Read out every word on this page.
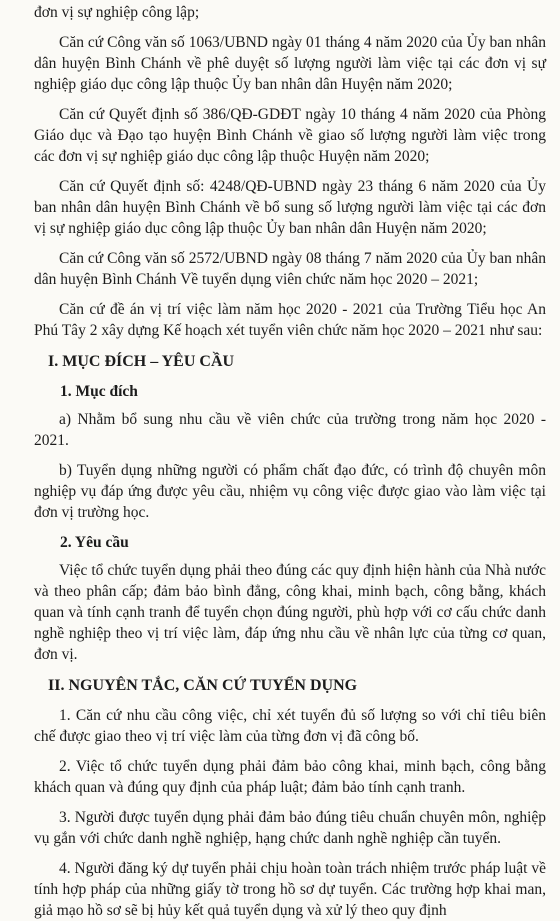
đơn vị sự nghiệp công lập;

Căn cứ Công văn số 1063/UBND ngày 01 tháng 4 năm 2020 của Ủy ban nhân dân huyện Bình Chánh về phê duyệt số lượng người làm việc tại các đơn vị sự nghiệp giáo dục công lập thuộc Ủy ban nhân dân Huyện năm 2020;

Căn cứ Quyết định số 386/QĐ-GDĐT ngày 10 tháng 4 năm 2020 của Phòng Giáo dục và Đạo tạo huyện Bình Chánh về giao số lượng người làm việc trong các đơn vị sự nghiệp giáo dục công lập thuộc Huyện năm 2020;

Căn cứ Quyết định số: 4248/QĐ-UBND ngày 23 tháng 6 năm 2020 của Ủy ban nhân dân huyện Bình Chánh về bổ sung số lượng người làm việc tại các đơn vị sự nghiệp giáo dục công lập thuộc Ủy ban nhân dân Huyện năm 2020;

Căn cứ Công văn số 2572/UBND ngày 08 tháng 7 năm 2020 của Ủy ban nhân dân huyện Bình Chánh Về tuyển dụng viên chức năm học 2020 – 2021;

Căn cứ đề án vị trí việc làm năm học 2020 - 2021 của Trường Tiểu học An Phú Tây 2 xây dựng Kế hoạch xét tuyển viên chức năm học 2020 – 2021 như sau:

I. MỤC ĐÍCH – YÊU CẦU

1. Mục đích

a) Nhằm bổ sung nhu cầu về viên chức của trường trong năm học 2020 - 2021.

b) Tuyển dụng những người có phẩm chất đạo đức, có trình độ chuyên môn nghiệp vụ đáp ứng được yêu cầu, nhiệm vụ công việc được giao vào làm việc tại đơn vị trường học.

2. Yêu cầu

Việc tổ chức tuyển dụng phải theo đúng các quy định hiện hành của Nhà nước và theo phân cấp; đảm bảo bình đẳng, công khai, minh bạch, công bằng, khách quan và tính cạnh tranh để tuyển chọn đúng người, phù hợp với cơ cấu chức danh nghề nghiệp theo vị trí việc làm, đáp ứng nhu cầu về nhân lực của từng cơ quan, đơn vị.

II. NGUYÊN TẮC, CĂN CỨ TUYỂN DỤNG

1. Căn cứ nhu cầu công việc, chỉ xét tuyển đủ số lượng so với chỉ tiêu biên chế được giao theo vị trí việc làm của từng đơn vị đã công bố.

2. Việc tổ chức tuyển dụng phải đảm bảo công khai, minh bạch, công bằng khách quan và đúng quy định của pháp luật; đảm bảo tính cạnh tranh.

3. Người được tuyển dụng phải đảm bảo đúng tiêu chuẩn chuyên môn, nghiệp vụ gắn với chức danh nghề nghiệp, hạng chức danh nghề nghiệp cần tuyển.

4. Người đăng ký dự tuyển phải chịu hoàn toàn trách nhiệm trước pháp luật về tính hợp pháp của những giấy tờ trong hồ sơ dự tuyển. Các trường hợp khai man, giả mạo hồ sơ sẽ bị hủy kết quả tuyển dụng và xử lý theo quy định
